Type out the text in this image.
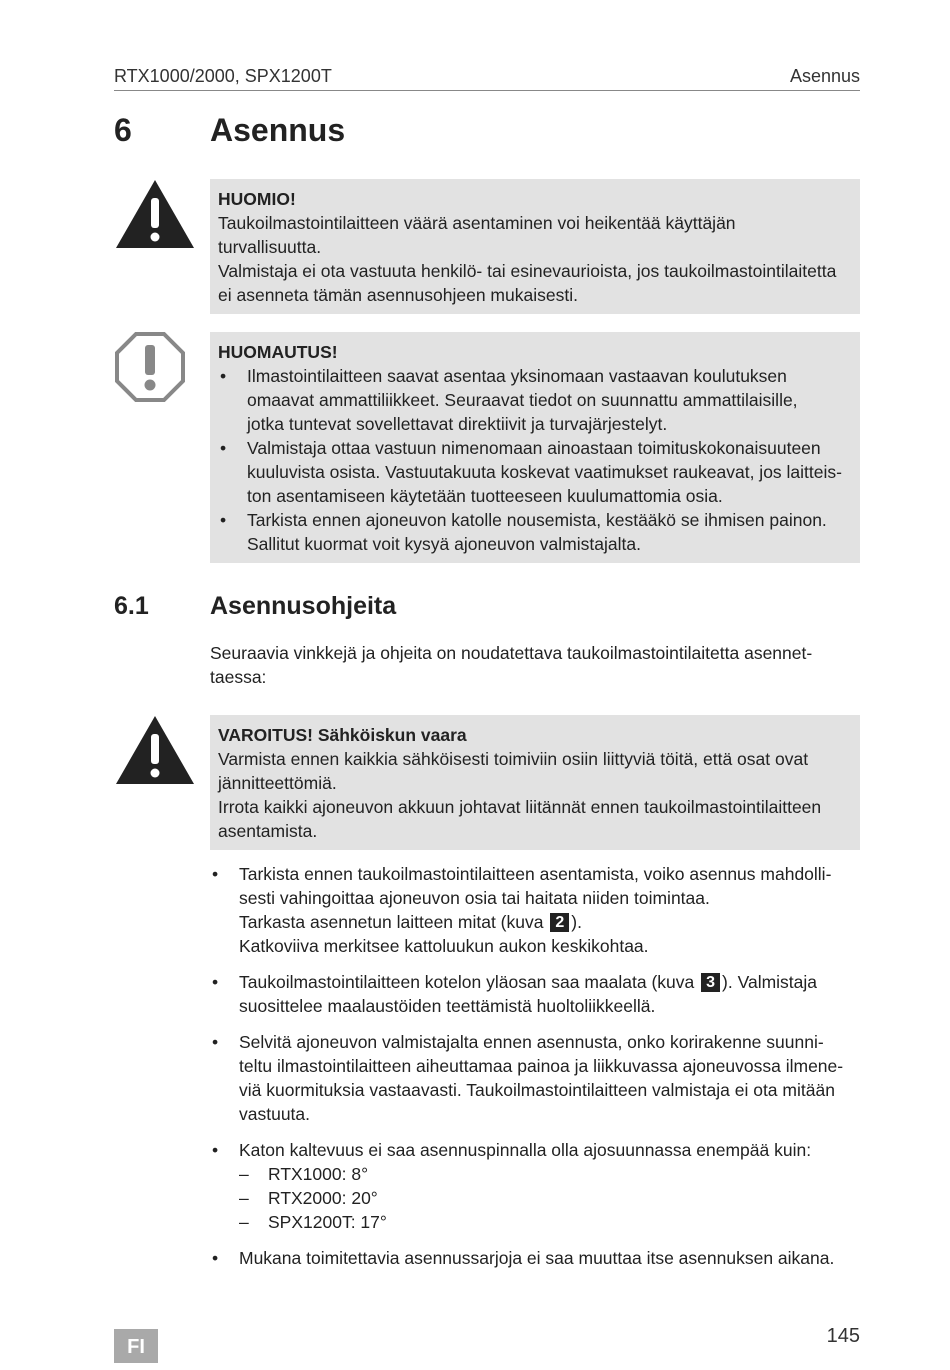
RTX1000/2000, SPX1200T	Asennus
6 Asennus
HUOMIO!

Taukoilmastointilaitteen väärä asentaminen voi heikentää käyttäjän

turvallisuutta.

Valmistaja ei ota vastuuta henkilö- tai esinevaurioista, jos taukoilmastointilaitetta

ei asenneta tämän asennusohjeen mukaisesti.

HUOMAUTUS!
• Ilmastointilaitteen saavat asentaa yksinomaan vastaavan koulutuksen
omaavat ammattiliikkeet. Seuraavat tiedot on suunnattu ammattilaisille,
jotka tuntevat sovellettavat direktiivit ja turvajärjestelyt.
• Valmistaja ottaa vastuun nimenomaan ainoastaan toimituskokonaisuuteen
kuuluvista osista. Vastuutakuuta koskevat vaatimukset raukeavat, jos laitteis-
ton asentamiseen käytetään tuotteeseen kuulumattomia osia.
• Tarkista ennen ajoneuvon katolle nousemista, kestääkö se ihmisen painon.
Sallitut kuormat voit kysyä ajoneuvon valmistajalta.
6.1 Asennusohjeita

Seuraavia vinkkejä ja ohjeita on noudatettava taukoilmastointilaitetta asennet-

taessa:

VAROITUS! Sähköiskun vaara

Varmista ennen kaikkia sähköisesti toimiviin osiin liittyviä töitä, että osat ovat

jännitteettömiä.

Irrota kaikki ajoneuvon akkuun johtavat liitännät ennen taukoilmastointilaitteen

asentamista.

• Tarkista ennen taukoilmastointilaitteen asentamista, voiko asennus mahdolli-
sesti vahingoittaa ajoneuvon osia tai haitata niiden toimintaa.
Tarkasta asennetun laitteen mitat (kuva 2 ).
Katkoviiva merkitsee kattoluukun aukon keskikohtaa.
• Taukoilmastointilaitteen kotelon yläosan saa maalata (kuva 3 ). Valmistaja
suosittelee maalaustöiden teettämistä huoltoliikkeellä.
• Selvitä ajoneuvon valmistajalta ennen asennusta, onko korirakenne suunni-
teltu ilmastointilaitteen aiheuttamaa painoa ja liikkuvassa ajoneuvossa ilmene-
viä kuormituksia vastaavasti. Taukoilmastointilaitteen valmistaja ei ota mitään
vastuuta.
• Katon kaltevuus ei saa asennuspinnalla olla ajosuunnassa enempää kuin:
– RTX1000: 8°
– RTX2000: 20°
– SPX1200T: 17°
• Mukana toimitettavia asennussarjoja ei saa muuttaa itse asennuksen aikana.
FI	145
